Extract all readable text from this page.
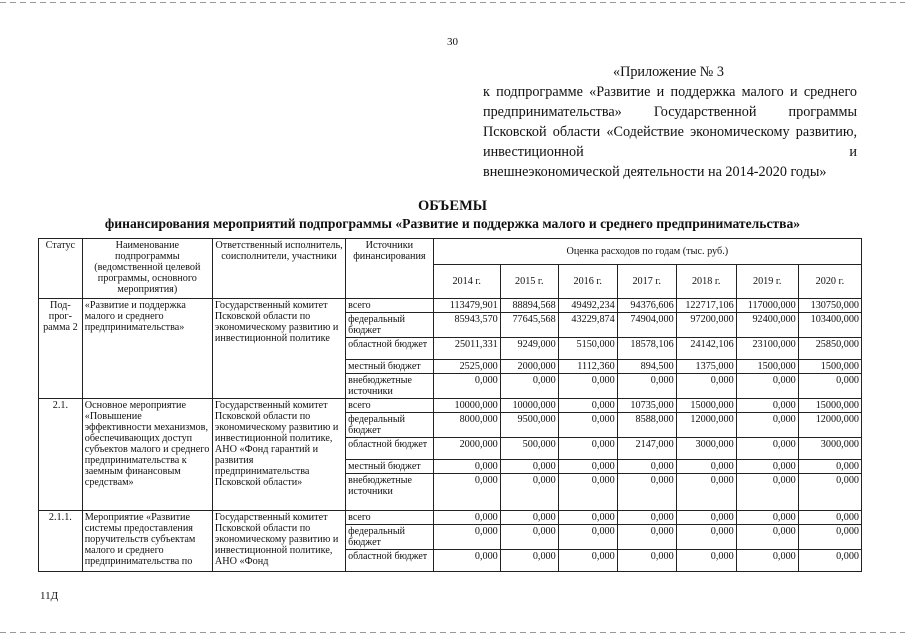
30
«Приложение № 3
к подпрограмме «Развитие и поддержка малого и среднего предпринимательства» Государственной программы Псковской области «Содействие экономическому развитию, инвестиционной и
внешнеэкономической деятельности на 2014-2020 годы»
ОБЪЕМЫ
финансирования мероприятий подпрограммы «Развитие и поддержка малого и среднего предпринимательства»
Статус	Наименование подпрограммы (ведомственной целевой программы, основного мероприятия)	Ответственный исполнитель, соисполнители, участники	Источники финансирования	Оценка расходов по годам (тыс. руб.)						
				2014 г.	2015 г.	2016 г.	2017 г.	2018 г.	2019 г.	2020 г.
Под-
прог-
рамма 2	«Развитие и поддержка малого и среднего предпринимательства»	Государственный комитет Псковской области по экономическому развитию и инвестиционной политике	всего	113479,901	88894,568	49492,234	94376,606	122717,106	117000,000	130750,000
			федеральный бюджет	85943,570	77645,568	43229,874	74904,000	97200,000	92400,000	103400,000
			областной бюджет	25011,331	9249,000	5150,000	18578,106	24142,106	23100,000	25850,000
			местный бюджет	2525,000	2000,000	1112,360	894,500	1375,000	1500,000	1500,000
			внебюджетные источники	0,000	0,000	0,000	0,000	0,000	0,000	0,000
2.1.	Основное мероприятие «Повышение эффективности механизмов, обеспечивающих доступ субъектов малого и среднего предпринимательства к заемным финансовым средствам»	Государственный комитет Псковской области по экономическому развитию и инвестиционной политике, АНО «Фонд гарантий и развития предпринимательства Псковской области»	всего	10000,000	10000,000	0,000	10735,000	15000,000	0,000	15000,000
			федеральный бюджет	8000,000	9500,000	0,000	8588,000	12000,000	0,000	12000,000
			областной бюджет	2000,000	500,000	0,000	2147,000	3000,000	0,000	3000,000
			местный бюджет	0,000	0,000	0,000	0,000	0,000	0,000	0,000
			внебюджетные источники	0,000	0,000	0,000	0,000	0,000	0,000	0,000
2.1.1.	Мероприятие «Развитие системы предоставления поручительств субъектам малого и среднего предпринимательства по	Государственный комитет Псковской области по экономическому развитию и инвестиционной политике, АНО «Фонд	всего	0,000	0,000	0,000	0,000	0,000	0,000	0,000
			федеральный бюджет	0,000	0,000	0,000	0,000	0,000	0,000	0,000
			областной бюджет	0,000	0,000	0,000	0,000	0,000	0,000	0,000
11Д
